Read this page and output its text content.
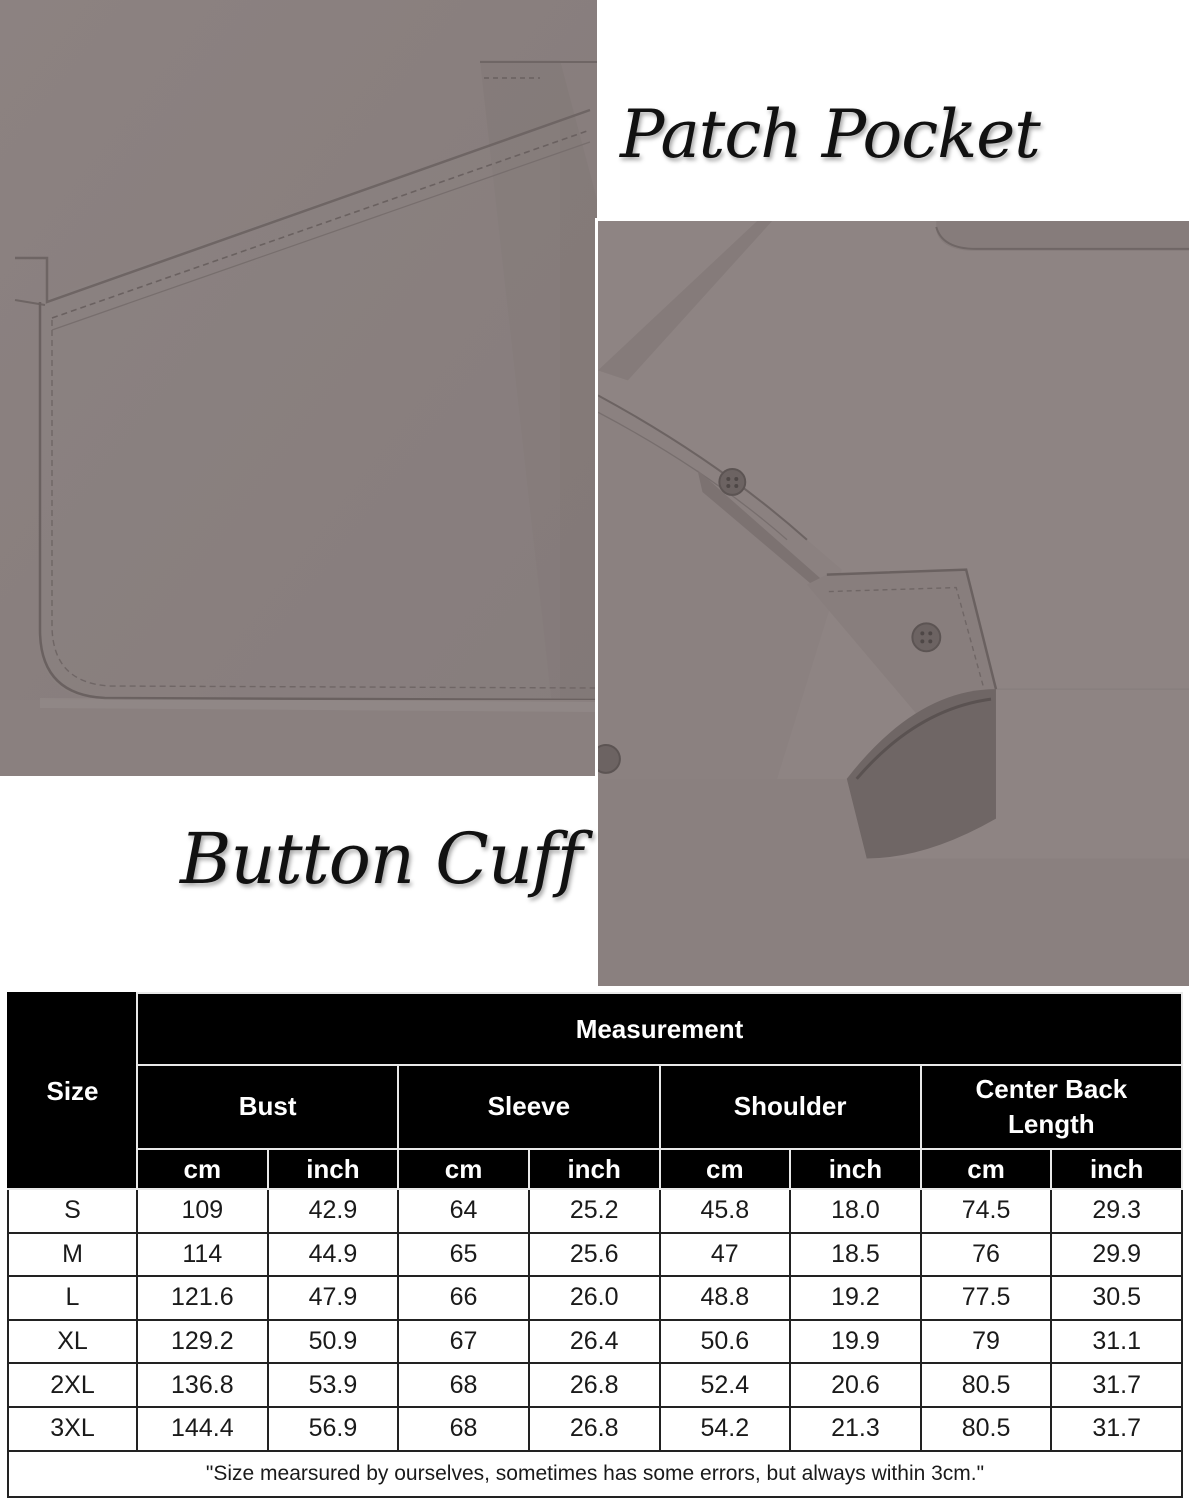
Patch Pocket
Button Cuff
Size	Measurement							
	Bust		Sleeve		Shoulder		Center Back Length	
	cm	inch	cm	inch	cm	inch	cm	inch
S	109	42.9	64	25.2	45.8	18.0	74.5	29.3
M	114	44.9	65	25.6	47	18.5	76	29.9
L	121.6	47.9	66	26.0	48.8	19.2	77.5	30.5
XL	129.2	50.9	67	26.4	50.6	19.9	79	31.1
2XL	136.8	53.9	68	26.8	52.4	20.6	80.5	31.7
3XL	144.4	56.9	68	26.8	54.2	21.3	80.5	31.7
"Size mearsured by ourselves, sometimes has some errors, but always within 3cm."								
